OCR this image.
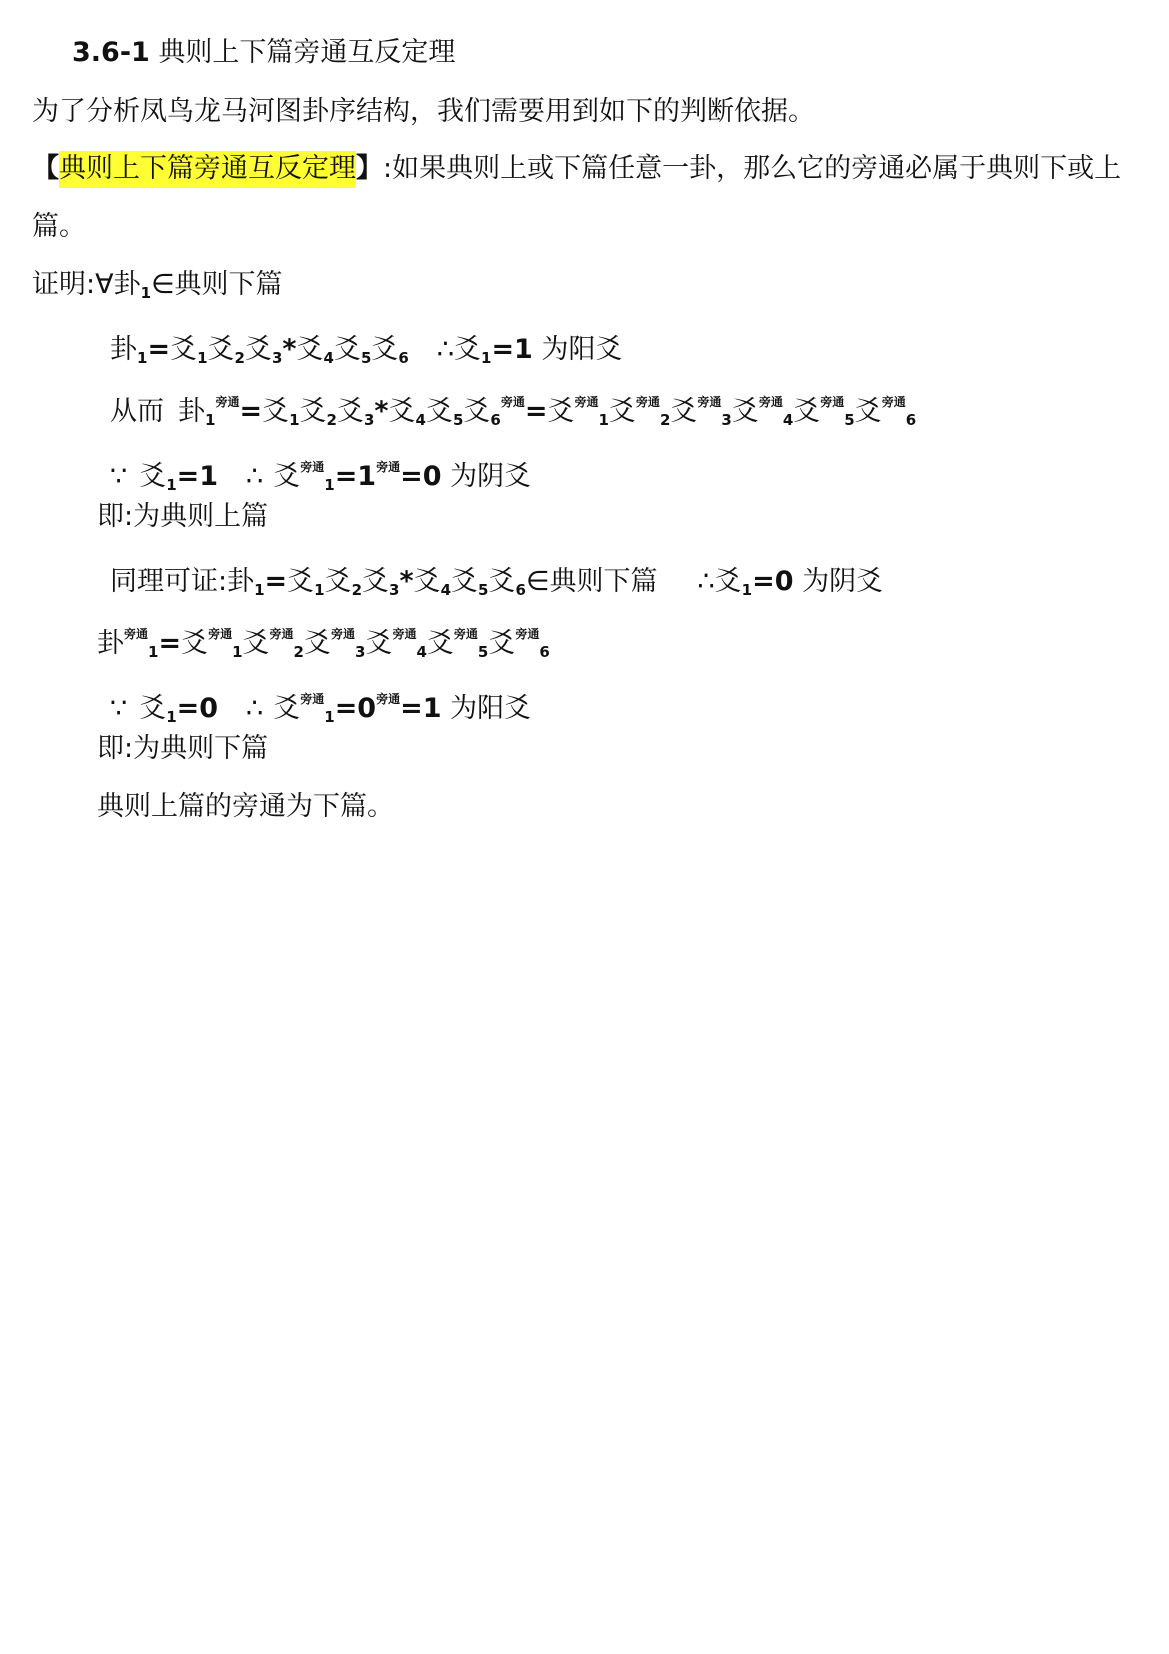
3.6-1 典则上下篇旁通互反定理
为了分析凤鸟龙马河图卦序结构，我们需要用到如下的判断依据。
【典则上下篇旁通互反定理】:如果典则上或下篇任意一卦，那么它的旁通必属于典则下或上
篇。
证明:∀卦1∈典则下篇
卦1=爻1爻2爻3*爻4爻5爻6 ∴爻1=1 为阳爻
从而 卦$1^{旁通}=$爻1爻2爻3*爻4爻5爻$6^{旁通}=$爻$^{旁通}$1爻$^{旁通}$2爻$^{旁通}$3爻$^{旁通}$4爻$^{旁通}$5爻$^{旁通}$6
∵ 爻1=1 ∴ 爻$^{旁通}1=1^{旁通}=0$ 为阴爻
即:为典则上篇
同理可证:卦1=爻1爻2爻3*爻4爻5爻6∈典则下篇 ∴爻1=0 为阴爻
卦$^{旁通}$1=爻$^{旁通}$1爻$^{旁通}$2爻$^{旁通}$3爻$^{旁通}$4爻$^{旁通}$5爻$^{旁通}$6
∵ 爻1=0 ∴ 爻$^{旁通}1=0^{旁通}=1$ 为阳爻
即:为典则下篇
典则上篇的旁通为下篇。
